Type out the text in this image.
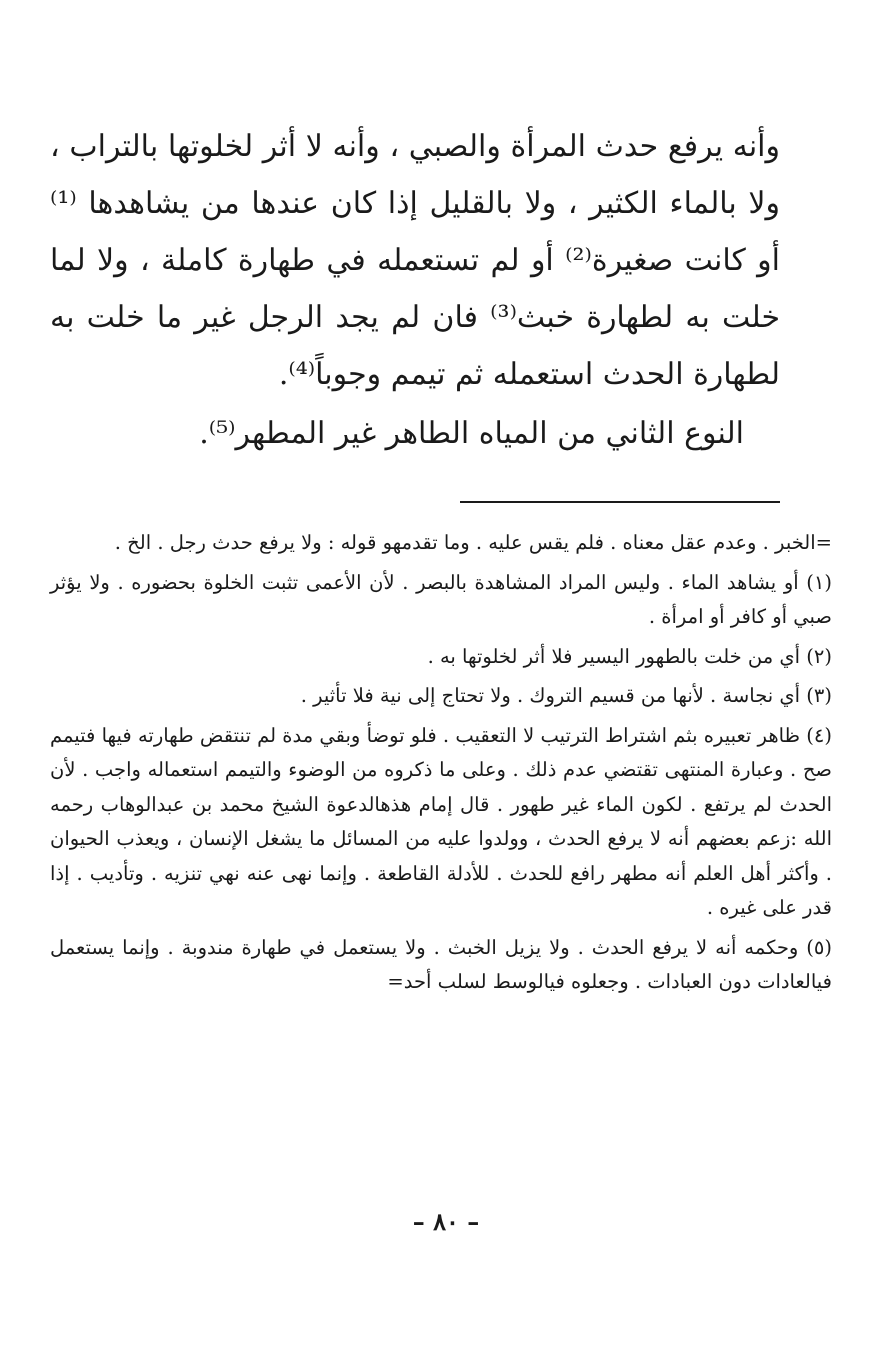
وأنه يرفع حدث المرأة والصبي ، وأنه لا أثر لخلوتها بالتراب ، ولا بالماء الكثير ، ولا بالقليل إذا كان عندها من يشاهدها ⁽¹⁾ أو كانت صغيرة⁽²⁾ أو لم تستعمله في طهارة كاملة ، ولا لما خلت به لطهارة خبث⁽³⁾ فان لم يجد الرجل غير ما خلت به لطهارة الحدث استعمله ثم تيمم وجوباً⁽⁴⁾.

النوع الثاني من المياه الطاهر غير المطهر⁽⁵⁾.

=الخبر . وعدم عقل معناه . فلم يقس عليه . وما تقدمهو قوله : ولا يرفع حدث رجل . الخ .

(١) أو يشاهد الماء . وليس المراد المشاهدة بالبصر . لأن الأعمى تثبت الخلوة بحضوره . ولا يؤثر صبي أو كافر أو امرأة .

(٢) أي من خلت بالطهور اليسير فلا أثر لخلوتها به .

(٣) أي نجاسة . لأنها من قسيم التروك . ولا تحتاج إلى نية فلا تأثير .

(٤) ظاهر تعبيره بثم اشتراط الترتيب لا التعقيب . فلو توضأ وبقي مدة لم تنتقض طهارته فيها فتيمم صح . وعبارة المنتهى تقتضي عدم ذلك . وعلى ما ذكروه من الوضوء والتيمم استعماله واجب . لأن الحدث لم يرتفع . لكون الماء غير طهور . قال إمام هذهالدعوة الشيخ محمد بن عبدالوهاب رحمه الله :زعم بعضهم أنه لا يرفع الحدث ، وولدوا عليه من المسائل ما يشغل الإنسان ، ويعذب الحيوان . وأكثر أهل العلم أنه مطهر رافع للحدث . للأدلة القاطعة . وإنما نهى عنه نهي تنزيه . وتأديب . إذا قدر على غيره .

(٥) وحكمه أنه لا يرفع الحدث . ولا يزيل الخبث . ولا يستعمل في طهارة مندوبة . وإنما يستعمل فيالعادات دون العبادات . وجعلوه فيالوسط لسلب أحد=

– ٨٠ –
